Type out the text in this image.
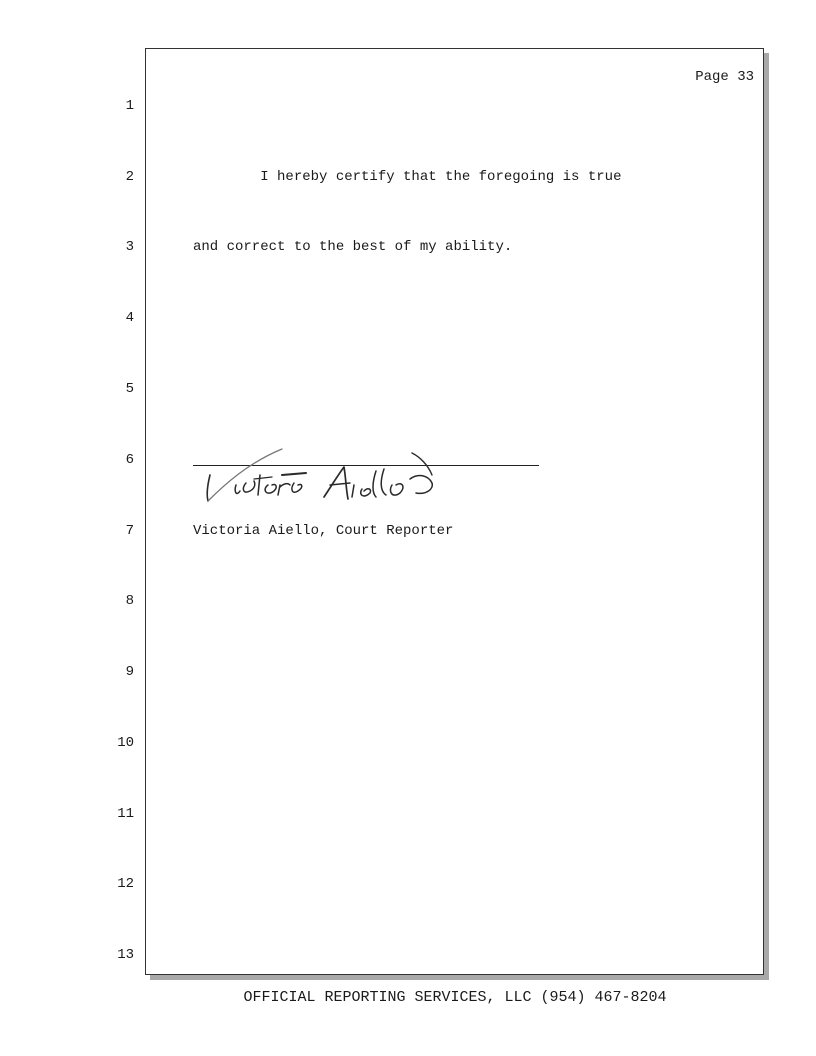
Page 33
1
2
3
4
5
6
7
8
9
10
11
12
13
I hereby certify that the foregoing is true
and correct to the best of my ability.
Victoria Aiello, Court Reporter
OFFICIAL REPORTING SERVICES, LLC (954) 467-8204
